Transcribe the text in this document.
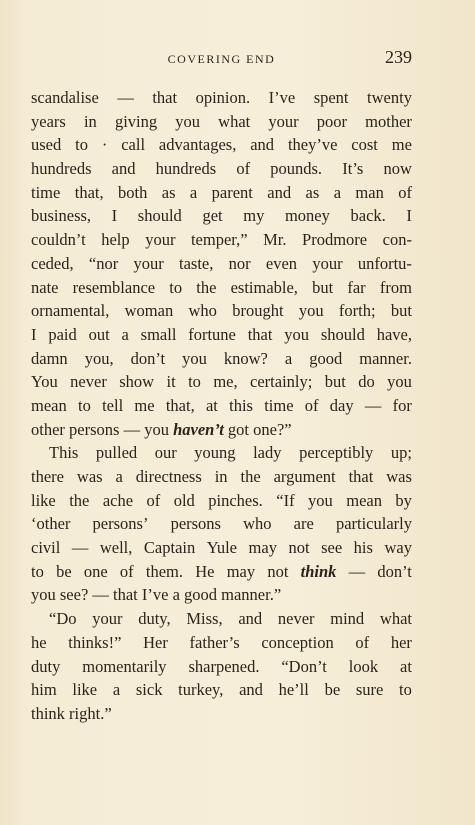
COVERING END	239
scandalise — that opinion. I’ve spent twenty
years in giving you what your poor mother
used to · call advantages, and they’ve cost me
hundreds and hundreds of pounds. It’s now
time that, both as a parent and as a man of
business, I should get my money back. I
couldn’t help your temper,” Mr. Prodmore con-
ceded, “nor your taste, nor even your unfortu-
nate resemblance to the estimable, but far from
ornamental, woman who brought you forth; but
I paid out a small fortune that you should have,
damn you, don’t you know? a good manner.
You never show it to me, certainly; but do you
mean to tell me that, at this time of day — for
other persons — you haven’t got one?”
This pulled our young lady perceptibly up;
there was a directness in the argument that was
like the ache of old pinches. “If you mean by
‘other persons’ persons who are particularly
civil — well, Captain Yule may not see his way
to be one of them. He may not think — don’t
you see? — that I’ve a good manner.”
“Do your duty, Miss, and never mind what
he thinks!” Her father’s conception of her
duty momentarily sharpened. “Don’t look at
him like a sick turkey, and he’ll be sure to
think right.”
